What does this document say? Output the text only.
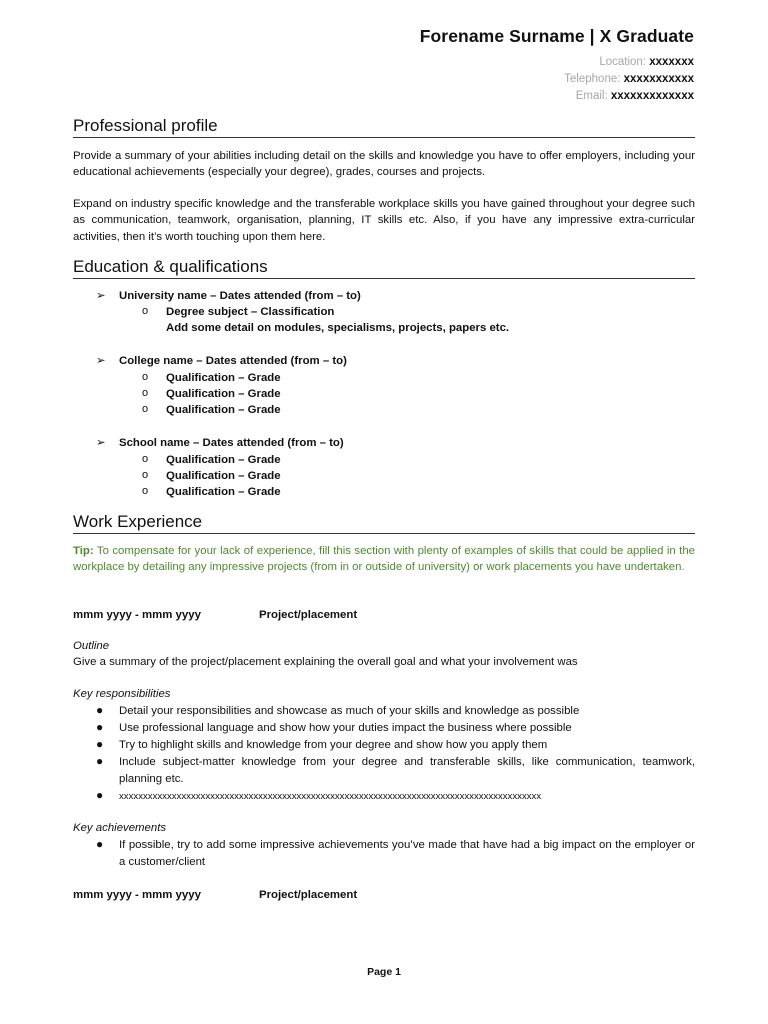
Forename Surname | X Graduate
Location: xxxxxxx
Telephone: xxxxxxxxxxx
Email: xxxxxxxxxxxxx
Professional profile
Provide a summary of your abilities including detail on the skills and knowledge you have to offer employers, including your educational achievements (especially your degree), grades, courses and projects.
Expand on industry specific knowledge and the transferable workplace skills you have gained throughout your degree such as communication, teamwork, organisation, planning, IT skills etc. Also, if you have any impressive extra-curricular activities, then it’s worth touching upon them here.
Education & qualifications
➢ University name – Dates attended (from – to)
o Degree subject – Classification
Add some detail on modules, specialisms, projects, papers etc.
➢ College name – Dates attended (from – to)
o Qualification – Grade
o Qualification – Grade
o Qualification – Grade
➢ School name – Dates attended (from – to)
o Qualification – Grade
o Qualification – Grade
o Qualification – Grade
Work Experience
Tip: To compensate for your lack of experience, fill this section with plenty of examples of skills that could be applied in the workplace by detailing any impressive projects (from in or outside of university) or work placements you have undertaken.
mmm yyyy - mmm yyyy	Project/placement
Outline
Give a summary of the project/placement explaining the overall goal and what your involvement was
Key responsibilities
● Detail your responsibilities and showcase as much of your skills and knowledge as possible
● Use professional language and show how your duties impact the business where possible
● Try to highlight skills and knowledge from your degree and show how you apply them
● Include subject-matter knowledge from your degree and transferable skills, like communication, teamwork, planning etc.
● xxxxxxxxxxxxxxxxxxxxxxxxxxxxxxxxxxxxxxxxxxxxxxxxxxxxxxxxxxxxxxxxxxxxxxxxxxxxxxxxxxxxxxxx
Key achievements
● If possible, try to add some impressive achievements you’ve made that have had a big impact on the employer or a customer/client
mmm yyyy - mmm yyyy	Project/placement
Page 1
